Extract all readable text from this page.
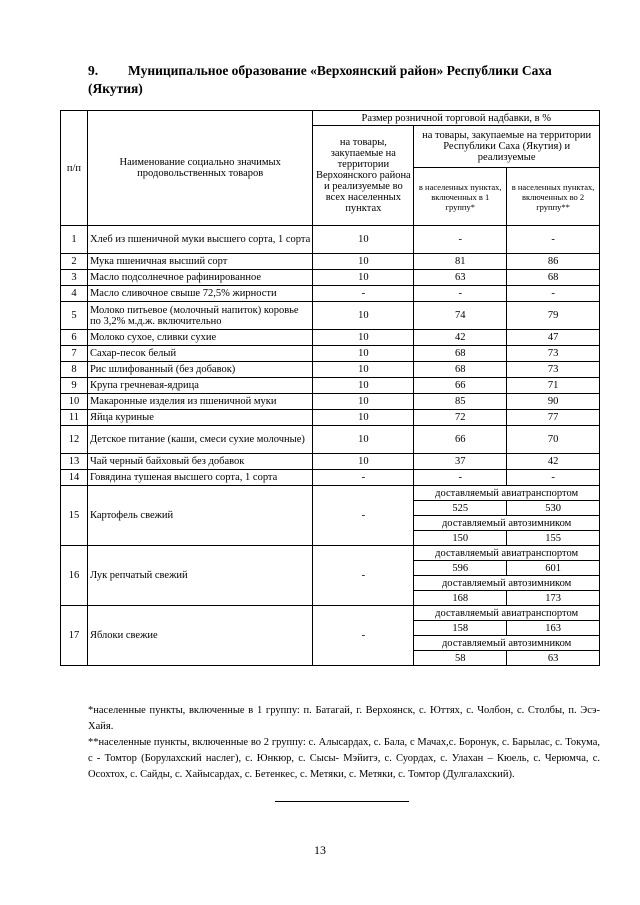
9. Муниципальное образование «Верхоянский район» Республики Саха (Якутия)
п/п	Наименование социально значимых продовольственных товаров	Размер розничной торговой надбавки, в %		
		на товары, закупаемые на территории Верхоянского района и реализуемые во всех населенных пунктах	на товары, закупаемые на территории Республики Саха (Якутия) и реализуемые	
			в населенных пунктах, включенных в 1 группу*	в населенных пунктах, включенных во 2 группу**
1	Хлеб из пшеничной муки высшего сорта, 1 сорта	10	-	-
2	Мука пшеничная высший сорт	10	81	86
3	Масло подсолнечное рафинированное	10	63	68
4	Масло сливочное свыше 72,5% жирности	-	-	-
5	Молоко питьевое (молочный напиток) коровье по 3,2% м.д.ж. включительно	10	74	79
6	Молоко сухое, сливки сухие	10	42	47
7	Сахар-песок белый	10	68	73
8	Рис шлифованный (без добавок)	10	68	73
9	Крупа гречневая-ядрица	10	66	71
10	Макаронные изделия из пшеничной муки	10	85	90
11	Яйца куриные	10	72	77
12	Детское питание (каши, смеси сухие молочные)	10	66	70
13	Чай черный байховый без добавок	10	37	42
14	Говядина тушеная высшего сорта, 1 сорта	-	-	-
15	Картофель свежий	-	доставляемый авиатранспортом	
			525	530
			доставляемый автозимником	
			150	155
16	Лук репчатый свежий	-	доставляемый авиатранспортом	
			596	601
			доставляемый автозимником	
			168	173
17	Яблоки свежие	-	доставляемый авиатранспортом	
			158	163
			доставляемый автозимником	
			58	63

*населенные пункты, включенные в 1 группу: п. Батагай, г. Верхоянск, с. Юттях, с. Чолбон, с. Столбы, п. Эсэ-Хайя.

**населенные пункты, включенные во 2 группу: с. Алысардах, с. Бала, с Мачах,с. Боронук, с. Барылас, с. Токума, с - Томтор (Борулахский наслег), с. Юнкюр, с. Сысы- Мэйитэ, с. Суордах, с. Улахан – Кюель, с. Черюмча, с. Осохтох, с. Сайды, с. Хайысардах, с. Бетенкес, с. Метяки, с. Метяки, с. Томтор (Дулгалахский).

13
